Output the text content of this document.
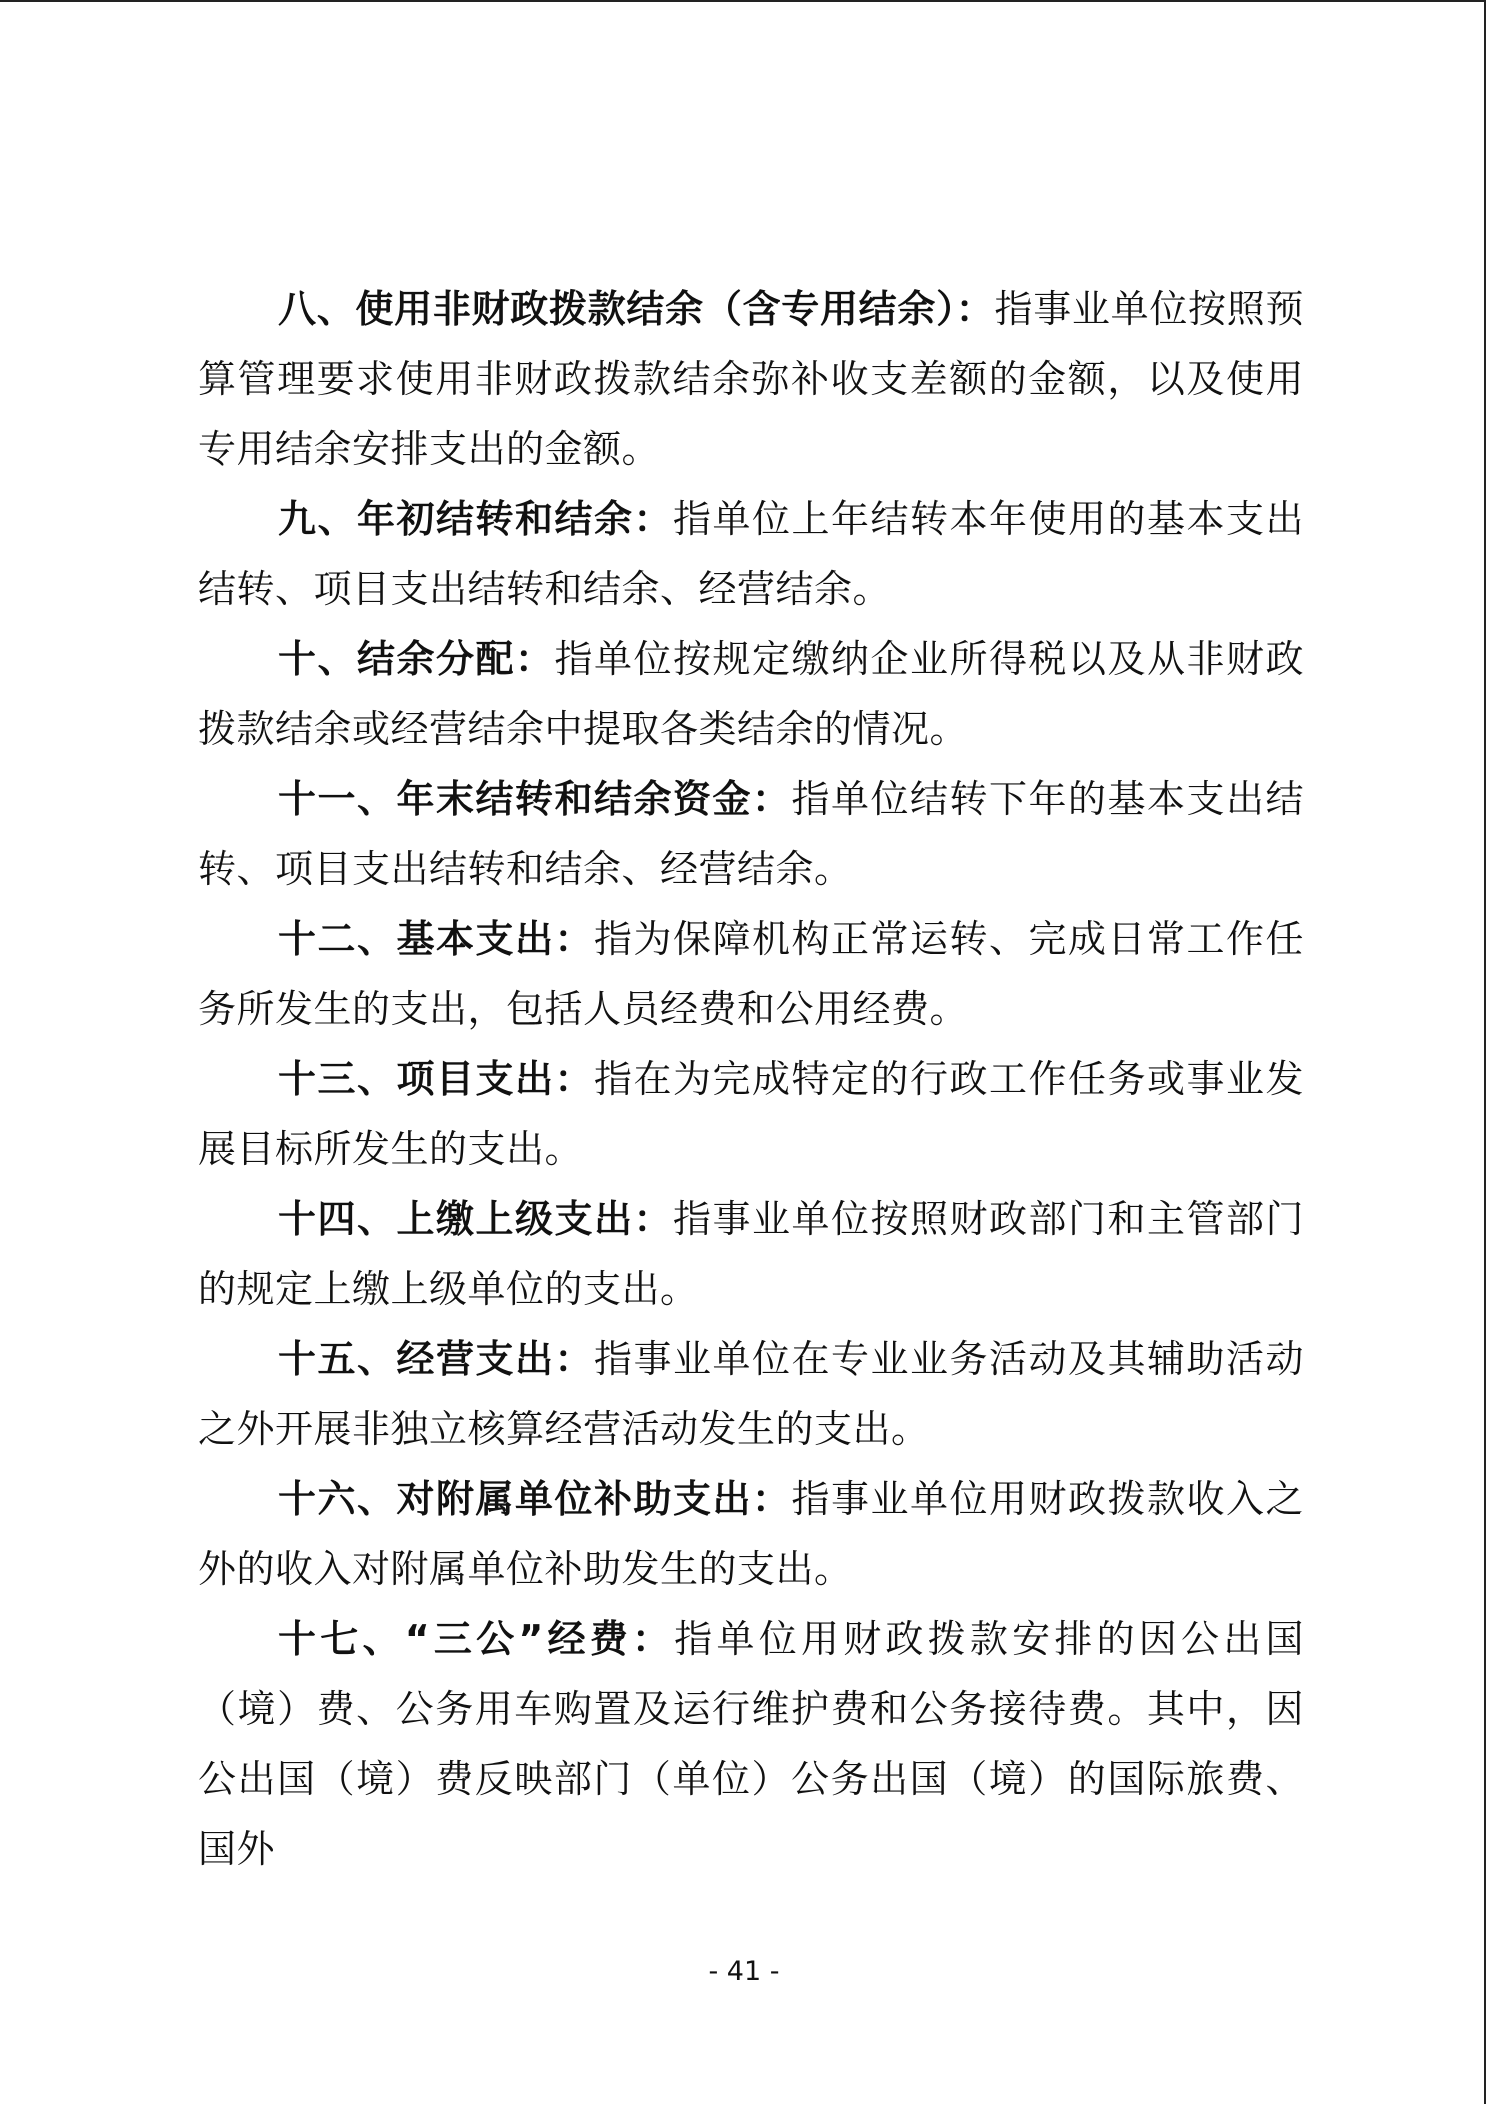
八、使用非财政拨款结余（含专用结余）：指事业单位按照预算管理要求使用非财政拨款结余弥补收支差额的金额，以及使用专用结余安排支出的金额。

九、年初结转和结余：指单位上年结转本年使用的基本支出结转、项目支出结转和结余、经营结余。

十、结余分配：指单位按规定缴纳企业所得税以及从非财政拨款结余或经营结余中提取各类结余的情况。

十一、年末结转和结余资金：指单位结转下年的基本支出结转、项目支出结转和结余、经营结余。

十二、基本支出：指为保障机构正常运转、完成日常工作任务所发生的支出，包括人员经费和公用经费。

十三、项目支出：指在为完成特定的行政工作任务或事业发展目标所发生的支出。

十四、上缴上级支出：指事业单位按照财政部门和主管部门的规定上缴上级单位的支出。

十五、经营支出：指事业单位在专业业务活动及其辅助活动之外开展非独立核算经营活动发生的支出。

十六、对附属单位补助支出：指事业单位用财政拨款收入之外的收入对附属单位补助发生的支出。

十七、“三公”经费：指单位用财政拨款安排的因公出国（境）费、公务用车购置及运行维护费和公务接待费。其中，因公出国（境）费反映部门（单位）公务出国（境）的国际旅费、国外

- 41 -
